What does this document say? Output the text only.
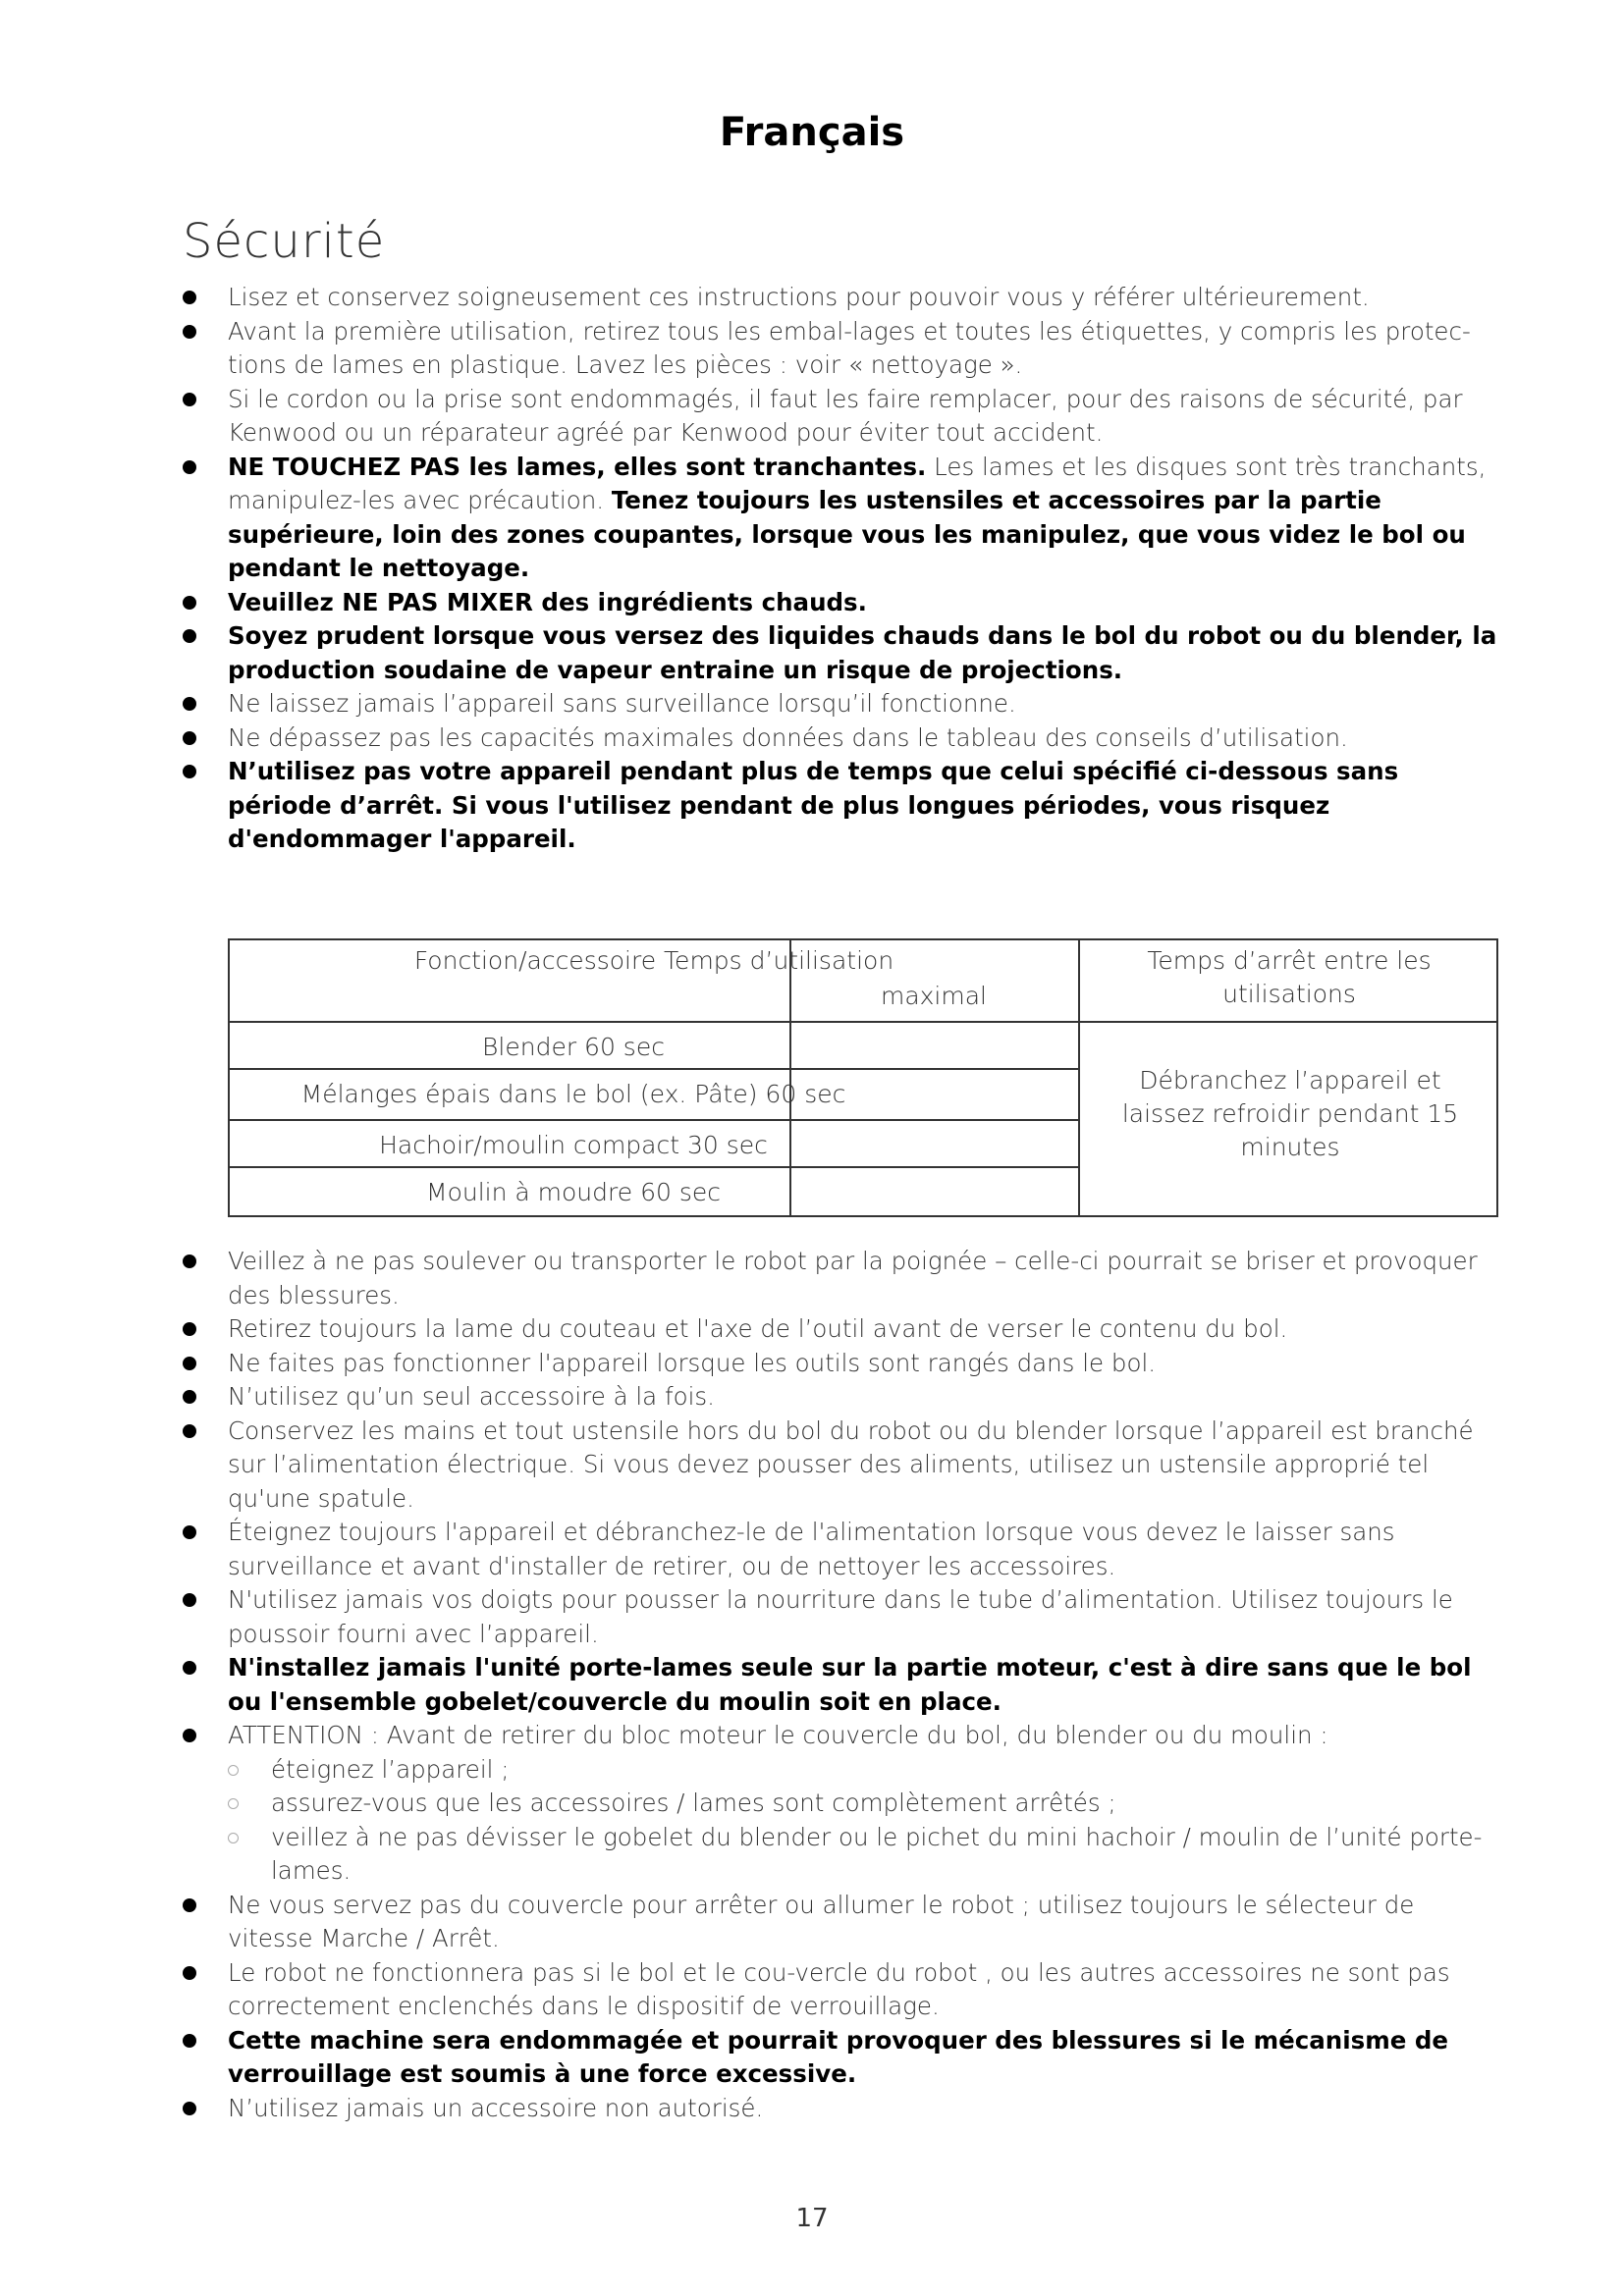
Français
Sécurité
Lisez et conservez soigneusement ces instructions pour pouvoir vous y référer ultérieurement.
Avant la première utilisation, retirez tous les embal-lages et toutes les étiquettes, y compris les protec-tions de lames en plastique. Lavez les pièces : voir « nettoyage ».
Si le cordon ou la prise sont endommagés, il faut les faire remplacer, pour des raisons de sécurité, par Kenwood ou un réparateur agréé par Kenwood pour éviter tout accident.
NE TOUCHEZ PAS les lames, elles sont tranchantes. Les lames et les disques sont très tranchants, manipulez-les avec précaution. Tenez toujours les ustensiles et accessoires par la partie supérieure, loin des zones coupantes, lorsque vous les manipulez, que vous videz le bol ou pendant le nettoyage.
Veuillez NE PAS MIXER des ingrédients chauds.
Soyez prudent lorsque vous versez des liquides chauds dans le bol du robot ou du blender, la production soudaine de vapeur entraine un risque de projections.
Ne laissez jamais l’appareil sans surveillance lorsqu’il fonctionne.
Ne dépassez pas les capacités maximales données dans le tableau des conseils d’utilisation.
N’utilisez pas votre appareil pendant plus de temps que celui spécifié ci-dessous sans période d’arrêt. Si vous l'utilisez pendant de plus longues périodes, vous risquez d'endommager l'appareil.
Fonction/accessoire Temps d’utilisation
maximal
Temps d’arrêt entre les utilisations
Blender 60 sec
Mélanges épais dans le bol (ex. Pâte) 60 sec
Hachoir/moulin compact 30 sec
Moulin à moudre 60 sec
Débranchez l’appareil et laissez refroidir pendant 15 minutes
Veillez à ne pas soulever ou transporter le robot par la poignée – celle-ci pourrait se briser et provoquer des blessures.
Retirez toujours la lame du couteau et l'axe de l’outil avant de verser le contenu du bol.
Ne faites pas fonctionner l'appareil lorsque les outils sont rangés dans le bol.
N’utilisez qu’un seul accessoire à la fois.
Conservez les mains et tout ustensile hors du bol du robot ou du blender lorsque l’appareil est branché sur l’alimentation électrique. Si vous devez pousser des aliments, utilisez un ustensile approprié tel qu'une spatule.
Éteignez toujours l'appareil et débranchez-le de l'alimentation lorsque vous devez le laisser sans surveillance et avant d'installer de retirer, ou de nettoyer les accessoires.
N'utilisez jamais vos doigts pour pousser la nourriture dans le tube d’alimentation. Utilisez toujours le poussoir fourni avec l’appareil.
N'installez jamais l'unité porte-lames seule sur la partie moteur, c'est à dire sans que le bol ou l'ensemble gobelet/couvercle du moulin soit en place.
ATTENTION : Avant de retirer du bloc moteur le couvercle du bol, du blender ou du moulin :
éteignez l’appareil ;
assurez-vous que les accessoires / lames sont complètement arrêtés ;
veillez à ne pas dévisser le gobelet du blender ou le pichet du mini hachoir / moulin de l’unité porte-lames.
Ne vous servez pas du couvercle pour arrêter ou allumer le robot ; utilisez toujours le sélecteur de vitesse Marche / Arrêt.
Le robot ne fonctionnera pas si le bol et le cou-vercle du robot , ou les autres accessoires ne sont pas correctement enclenchés dans le dispositif de verrouillage.
Cette machine sera endommagée et pourrait provoquer des blessures si le mécanisme de verrouillage est soumis à une force excessive.
N’utilisez jamais un accessoire non autorisé.
17
